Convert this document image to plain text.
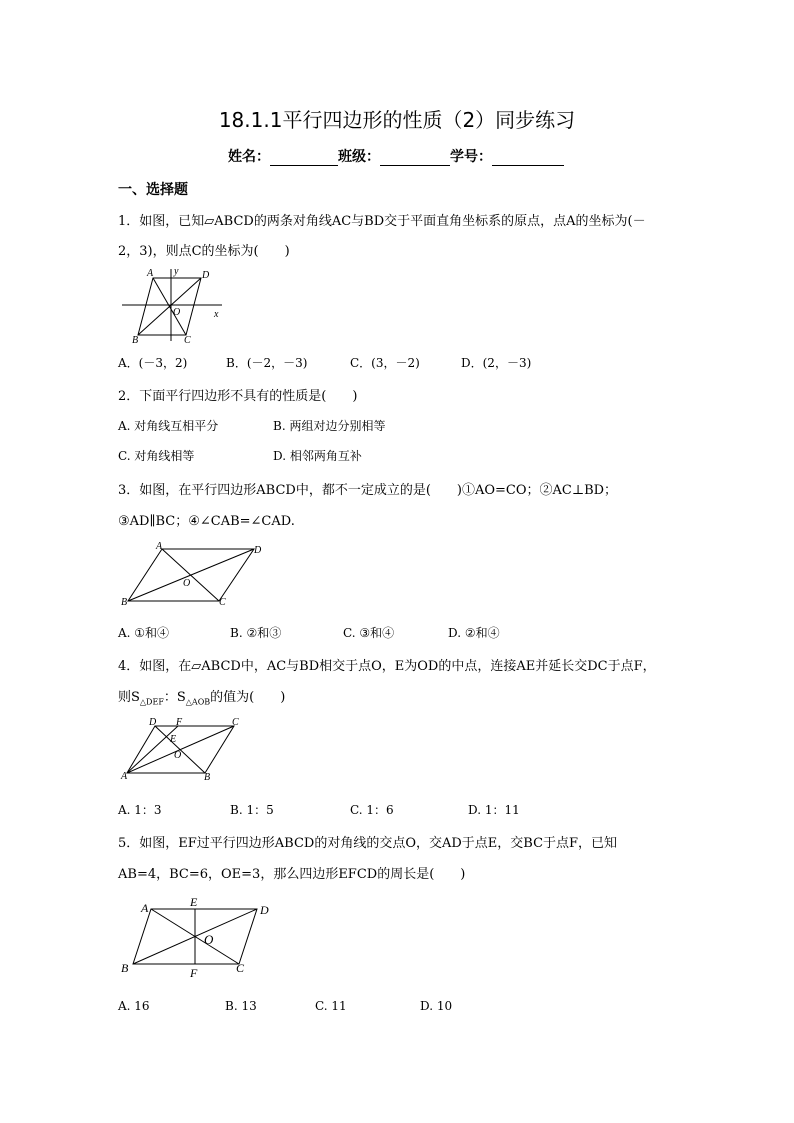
18.1.1平行四边形的性质（2）同步练习
姓名：	班级：	学号：
一、选择题
1．如图，已知▱ABCD的两条对角线AC与BD交于平面直角坐标系的原点，点A的坐标为(－
2，3)，则点C的坐标为(　　)
A y D
O	x
B	C
A．(－3，2)	B．(－2，－3)	C．(3，－2)	D．(2，－3)
2．下面平行四边形不具有的性质是(　　)
A. 对角线互相平分	B. 两组对边分别相等
C. 对角线相等	D. 相邻两角互补
3．如图，在平行四边形ABCD中，都不一定成立的是(　　)①AO=CO；②AC⊥BD；
③AD∥BC；④∠CAB=∠CAD.
A	D
O
B	C
A. ①和④	B. ②和③	C. ③和④	D. ②和④
4．如图，在▱ABCD中，AC与BD相交于点O，E为OD的中点，连接AE并延长交DC于点F，
则$S_{\triangle DEF}$：$S_{\triangle AOB}$的值为(　　)
D F	C
E
O
A	B
A. 1：3	B. 1：5	C. 1：6	D. 1：11
5．如图，EF过平行四边形ABCD的对角线的交点O，交AD于点E，交BC于点F，已知
AB=4，BC=6，OE=3，那么四边形EFCD的周长是(　　)
A	E
D
O
B	F	C
A. 16	B. 13	C. 11	D. 10
